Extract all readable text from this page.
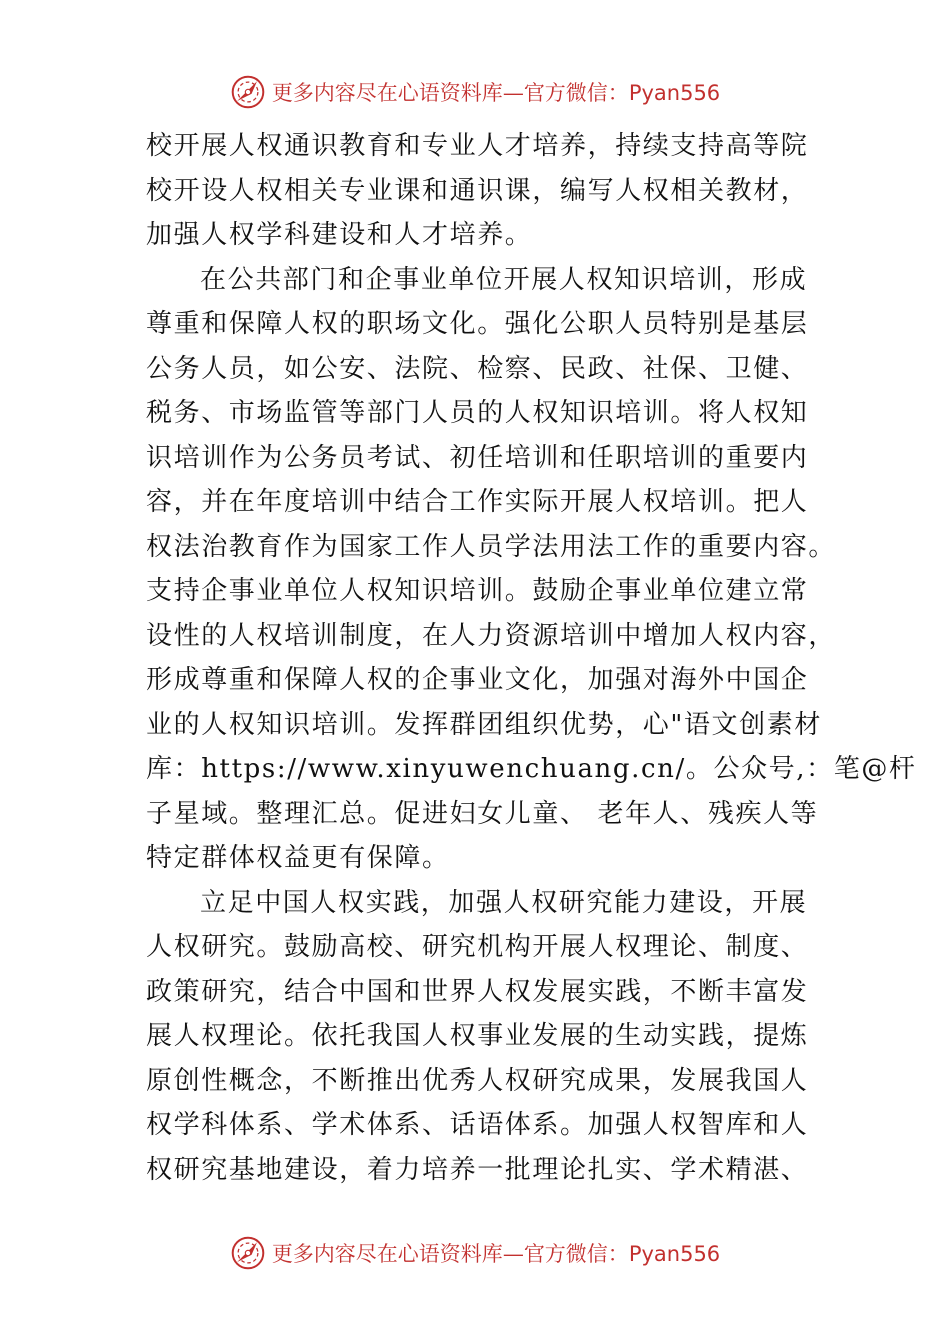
更多内容尽在心语资料库—官方微信：Pyan556
校开展人权通识教育和专业人才培养，持续支持高等院
校开设人权相关专业课和通识课，编写人权相关教材，
加强人权学科建设和人才培养。
在公共部门和企事业单位开展人权知识培训，形成
尊重和保障人权的职场文化。强化公职人员特别是基层
公务人员，如公安、法院、检察、民政、社保、卫健、
税务、市场监管等部门人员的人权知识培训。将人权知
识培训作为公务员考试、初任培训和任职培训的重要内
容，并在年度培训中结合工作实际开展人权培训。把人
权法治教育作为国家工作人员学法用法工作的重要内容。
支持企事业单位人权知识培训。鼓励企事业单位建立常
设性的人权培训制度，在人力资源培训中增加人权内容，
形成尊重和保障人权的企事业文化，加强对海外中国企
业的人权知识培训。发挥群团组织优势，心"语文创素材
库：https://www.xinyuwenchuang.cn/。公众号,：笔@杆
子星域。整理汇总。促进妇女儿童、 老年人、残疾人等
特定群体权益更有保障。
立足中国人权实践，加强人权研究能力建设，开展
人权研究。鼓励高校、研究机构开展人权理论、制度、
政策研究，结合中国和世界人权发展实践，不断丰富发
展人权理论。依托我国人权事业发展的生动实践，提炼
原创性概念，不断推出优秀人权研究成果，发展我国人
权学科体系、学术体系、话语体系。加强人权智库和人
权研究基地建设，着力培养一批理论扎实、学术精湛、
更多内容尽在心语资料库—官方微信：Pyan556
